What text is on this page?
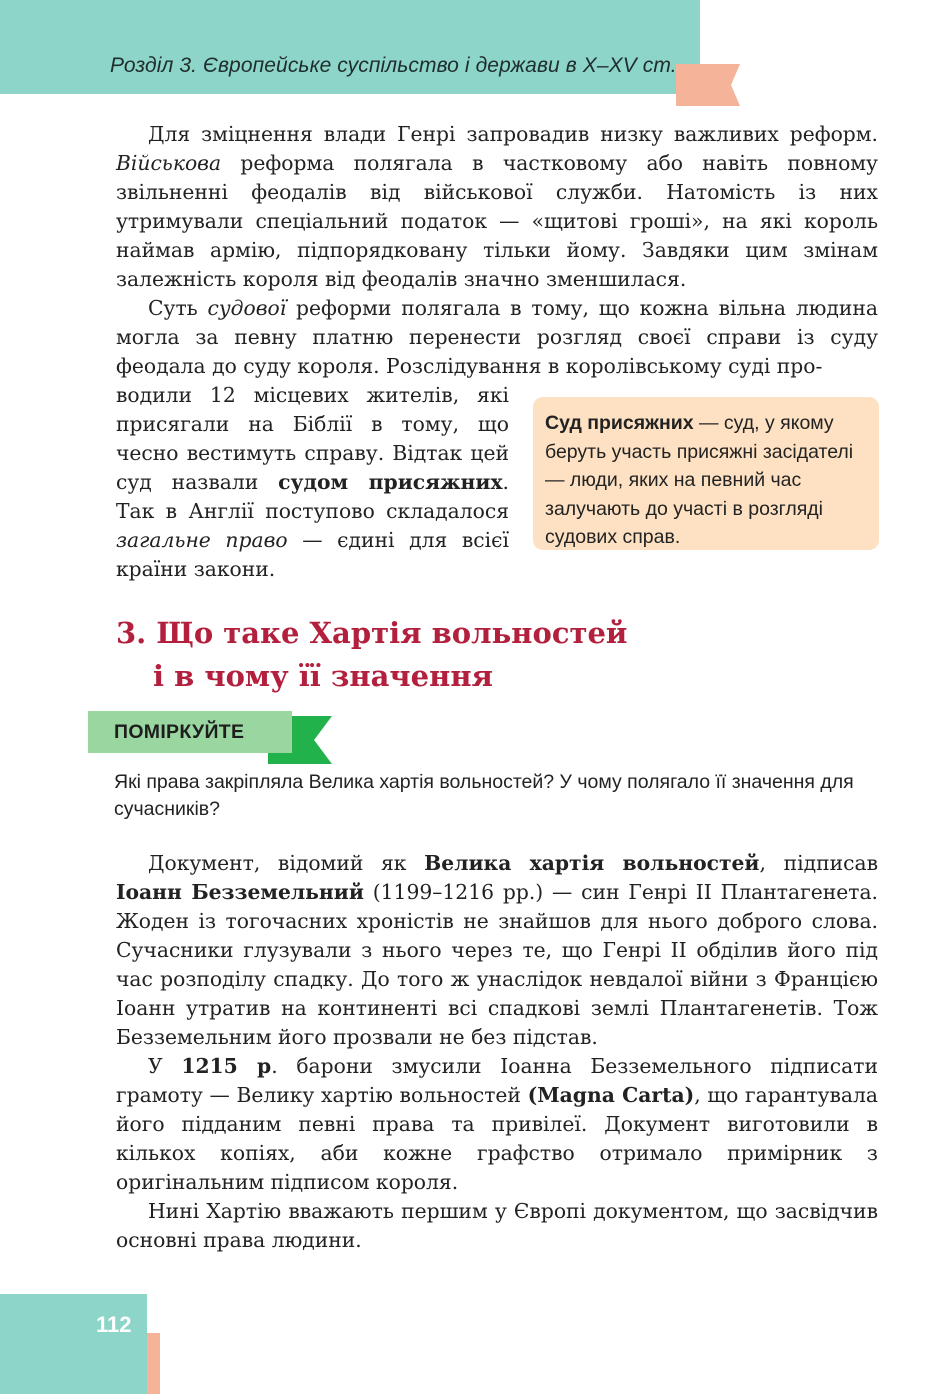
Розділ 3. Європейське суспільство і держави в Х–ХV ст.

Для зміцнення влади Генрі запровадив низку важливих реформ. Військова реформа полягала в частковому або навіть повному звільненні феодалів від військової служби. Натомість із них утримували спеціальний податок — «щитові гроші», на які король наймав армію, підпорядковану тільки йому. Завдяки цим змінам залежність короля від феодалів значно зменшилася.

Суть судової реформи полягала в тому, що кожна вільна людина могла за певну платню перенести розгляд своєї справи із суду феодала до суду короля. Розслідування в королівському суді про-

водили 12 місцевих жителів, які присягали на Біблії в тому, що чесно вестимуть справу. Відтак цей суд назвали судом присяжних. Так в Англії поступово складалося загальне право — єдині для всієї країни закони.
Суд присяжних — суд, у якому беруть участь присяжні засідателі — люди, яких на певний час залучають до участі в розгляді судових справ.
3. Що таке Хартія вольностей
і в чому її значення
ПОМІРКУЙТЕ
Які права закріпляла Велика хартія вольностей? У чому полягало її значення для сучасників?

Документ, відомий як Велика хартія вольностей, підписав Іоанн Безземельний (1199–1216 рр.) — син Генрі ІІ Плантагенета. Жоден із тогочасних хроністів не знайшов для нього доброго слова. Сучасники глузували з нього через те, що Генрі ІІ обділив його під час розподілу спадку. До того ж унаслідок невдалої війни з Францією Іоанн утратив на континенті всі спадкові землі Плантагенетів. Тож Безземельним його прозвали не без підстав.

У 1215 р. барони змусили Іоанна Безземельного підписати грамоту — Велику хартію вольностей (Magna Carta), що гарантувала його підданим певні права та привілеї. Документ виготовили в кількох копіях, аби кожне графство отримало примірник з оригінальним підписом короля.

Нині Хартію вважають першим у Європі документом, що засвідчив основні права людини.

112
